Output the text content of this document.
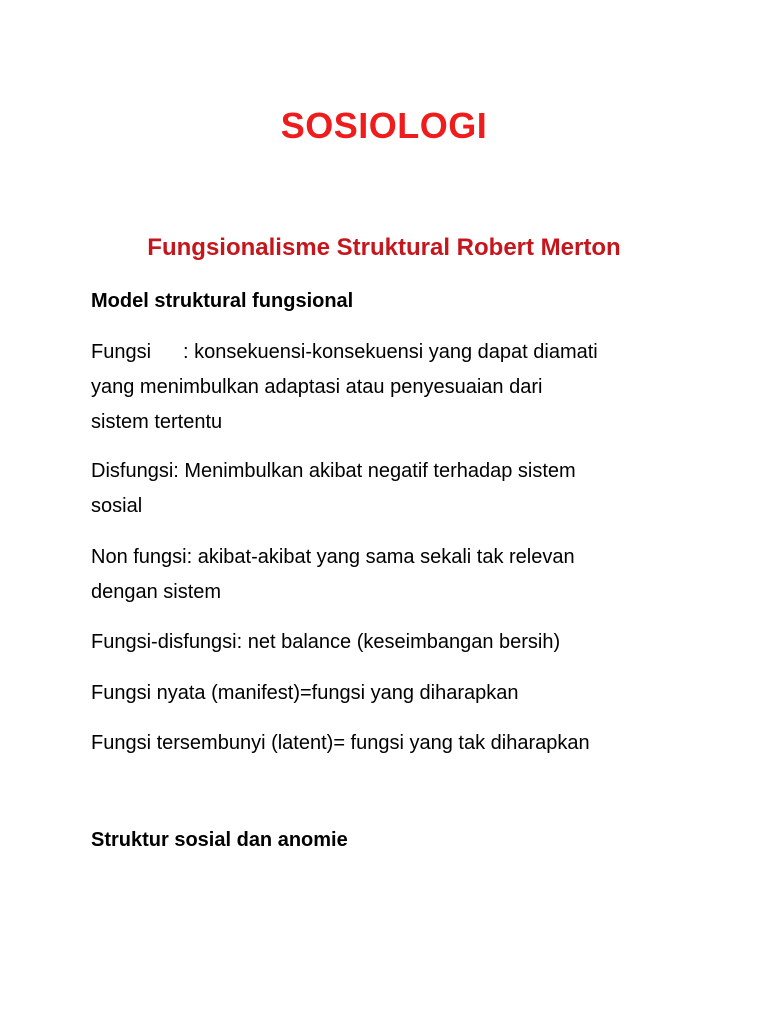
SOSIOLOGI
Fungsionalisme Struktural Robert Merton
Model struktural fungsional
Fungsi : konsekuensi-konsekuensi yang dapat diamati
yang menimbulkan adaptasi atau penyesuaian dari
sistem tertentu
Disfungsi: Menimbulkan akibat negatif terhadap sistem
sosial
Non fungsi: akibat-akibat yang sama sekali tak relevan
dengan sistem
Fungsi-disfungsi: net balance (keseimbangan bersih)
Fungsi nyata (manifest)=fungsi yang diharapkan
Fungsi tersembunyi (latent)= fungsi yang tak diharapkan
Struktur sosial dan anomie
